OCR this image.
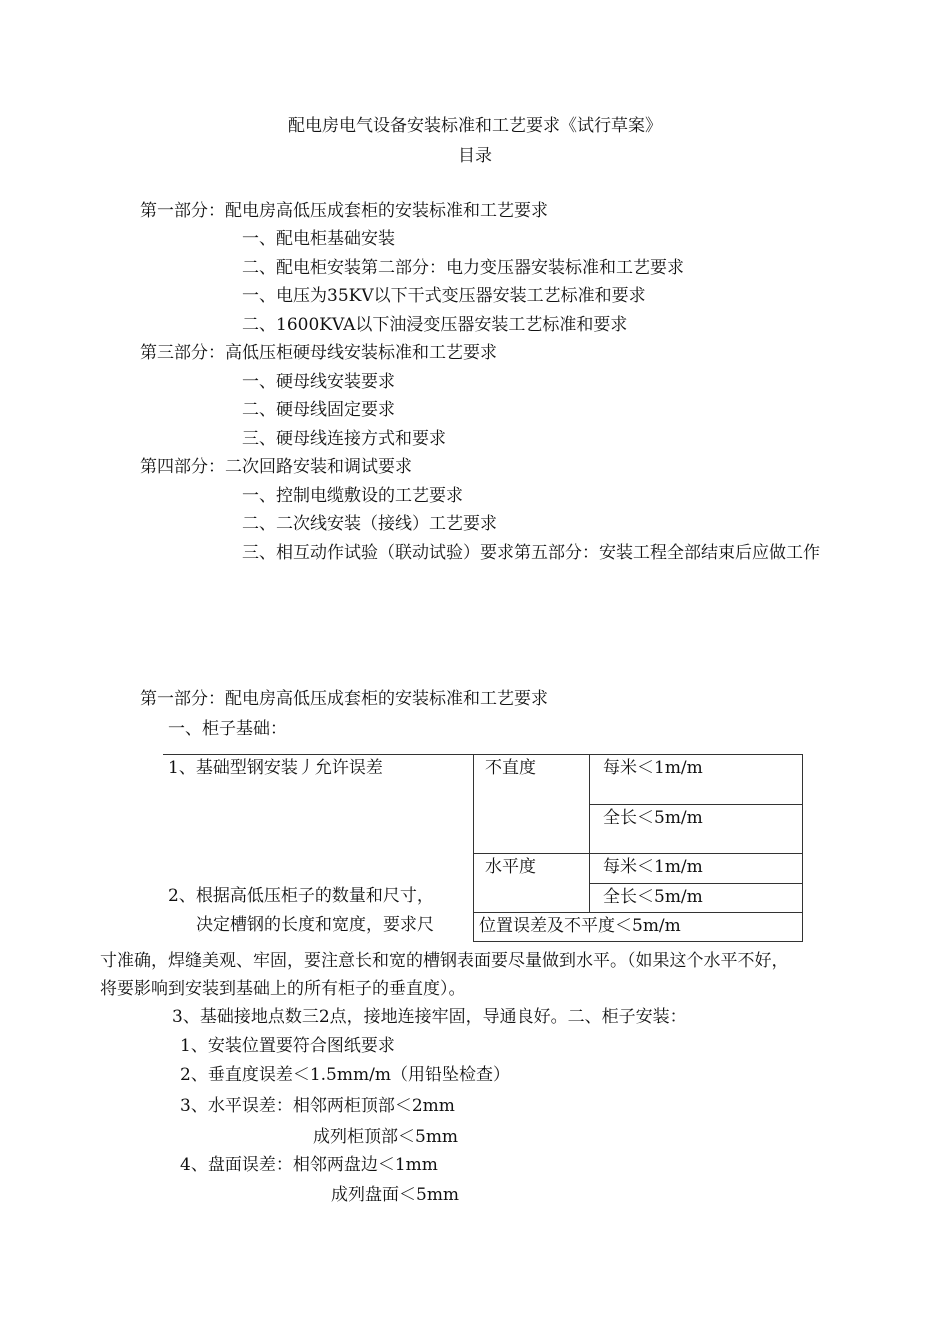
配电房电气设备安装标准和工艺要求《试行草案》
目录
第一部分：配电房高低压成套柜的安装标准和工艺要求
一、配电柜基础安装
二、配电柜安装第二部分：电力变压器安装标准和工艺要求
一、电压为35KV以下干式变压器安装工艺标准和要求
二、1600KVA以下油浸变压器安装工艺标准和要求
第三部分：高低压柜硬母线安装标准和工艺要求
一、硬母线安装要求
二、硬母线固定要求
三、硬母线连接方式和要求
第四部分：二次回路安装和调试要求
一、控制电缆敷设的工艺要求
二、二次线安装（接线）工艺要求
三、相互动作试验（联动试验）要求第五部分：安装工程全部结束后应做工作
第一部分：配电房高低压成套柜的安装标准和工艺要求
一、柜子基础：
1、基础型钢安装丿允许误差	不直度	每米＜1m/m
全长＜5m/m
水平度	每米＜1m/m
全长＜5m/m
位置误差及不平度＜5m/m
2、根据高低压柜子的数量和尺寸，
决定槽钢的长度和宽度，要求尺
寸准确，焊缝美观、牢固，要注意长和宽的槽钢表面要尽量做到水平。（如果这个水平不好，
将要影响到安装到基础上的所有柜子的垂直度）。
3、基础接地点数三2点，接地连接牢固，导通良好。二、柜子安装：
1、安装位置要符合图纸要求
2、垂直度误差＜1.5mm/m（用铅坠检查）
3、水平误差：相邻两柜顶部＜2mm
成列柜顶部＜5mm
4、盘面误差：相邻两盘边＜1mm
成列盘面＜5mm
